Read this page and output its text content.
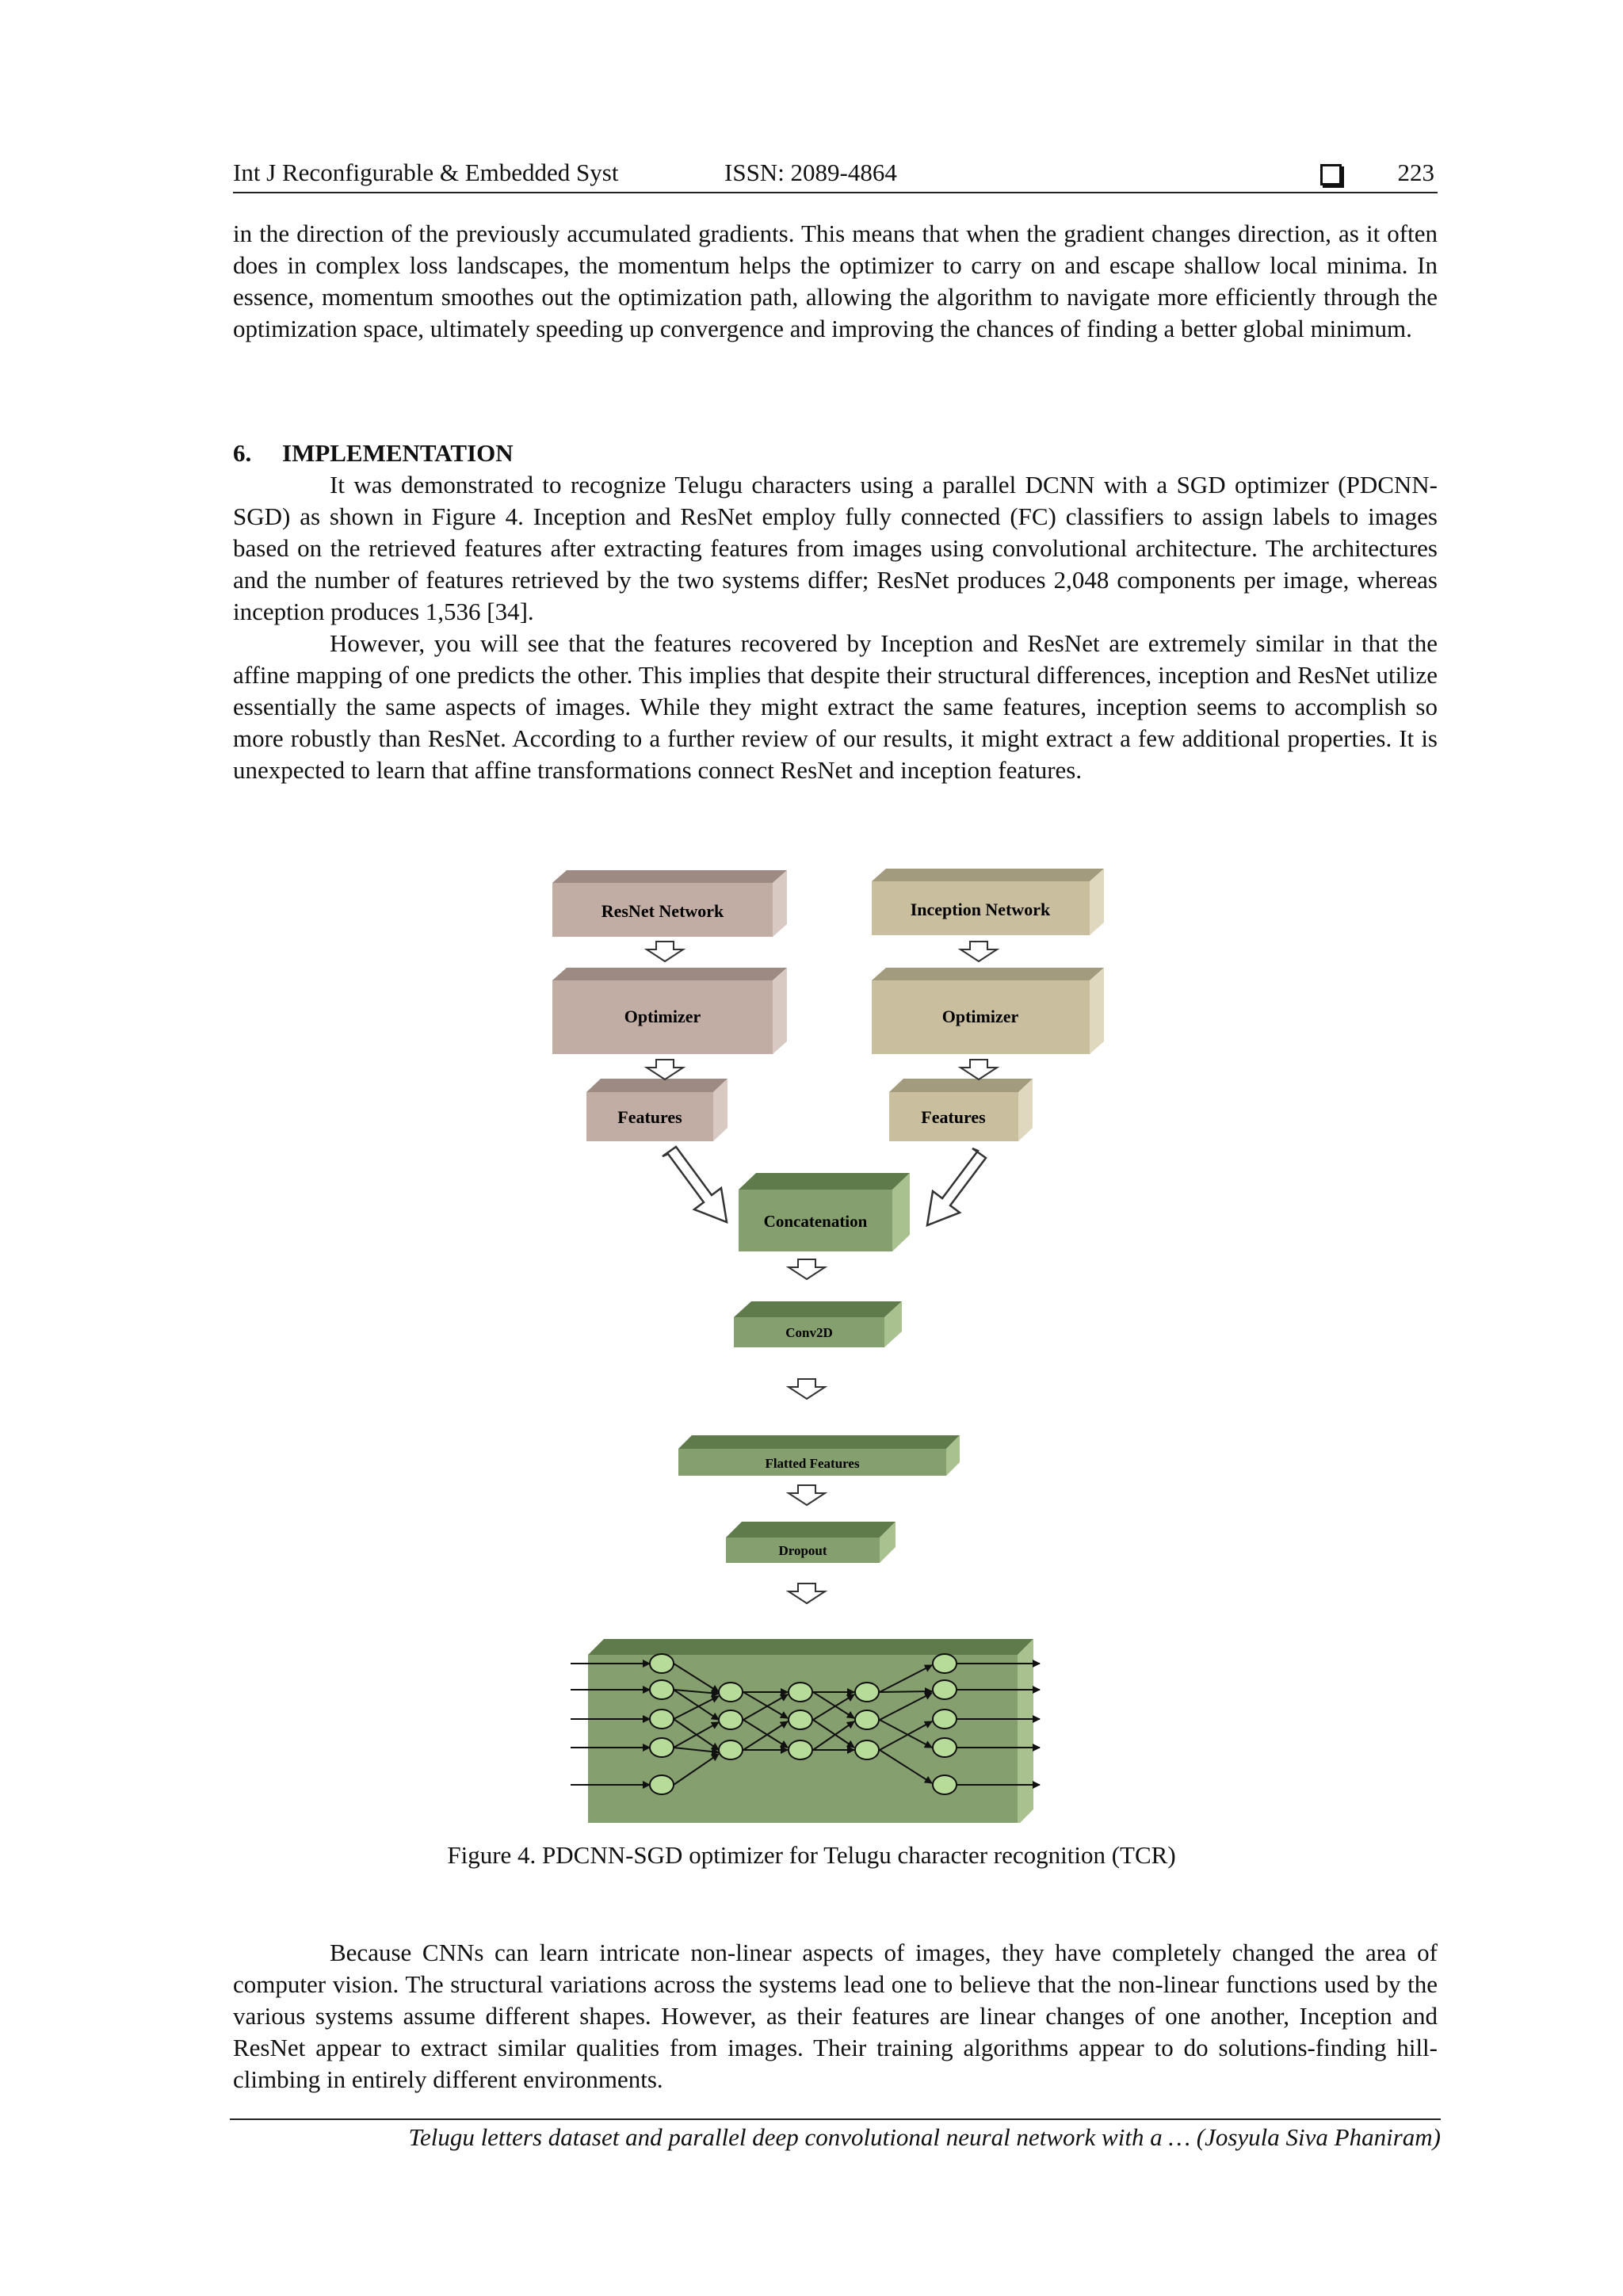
Int J Reconfigurable & Embedded Syst	ISSN: 2089-4864	223

in the direction of the previously accumulated gradients. This means that when the gradient changes direction, as it often does in complex loss landscapes, the momentum helps the optimizer to carry on and escape shallow local minima. In essence, momentum smoothes out the optimization path, allowing the algorithm to navigate more efficiently through the optimization space, ultimately speeding up convergence and improving the chances of finding a better global minimum.

6. IMPLEMENTATION

It was demonstrated to recognize Telugu characters using a parallel DCNN with a SGD optimizer (PDCNN-SGD) as shown in Figure 4. Inception and ResNet employ fully connected (FC) classifiers to assign labels to images based on the retrieved features after extracting features from images using convolutional architecture. The architectures and the number of features retrieved by the two systems differ; ResNet produces 2,048 components per image, whereas inception produces 1,536 [34].

However, you will see that the features recovered by Inception and ResNet are extremely similar in that the affine mapping of one predicts the other. This implies that despite their structural differences, inception and ResNet utilize essentially the same aspects of images. While they might extract the same features, inception seems to accomplish so more robustly than ResNet. According to a further review of our results, it might extract a few additional properties. It is unexpected to learn that affine transformations connect ResNet and inception features.

ResNet Network
Optimizer
Features
Inception Network
Optimizer
Features
Concatenation
Conv2D
Flatted Features
Dropout

Figure 4. PDCNN-SGD optimizer for Telugu character recognition (TCR)

Because CNNs can learn intricate non-linear aspects of images, they have completely changed the area of computer vision. The structural variations across the systems lead one to believe that the non-linear functions used by the various systems assume different shapes. However, as their features are linear changes of one another, Inception and ResNet appear to extract similar qualities from images. Their training algorithms appear to do solutions-finding hill-climbing in entirely different environments.

Telugu letters dataset and parallel deep convolutional neural network with a … (Josyula Siva Phaniram)
